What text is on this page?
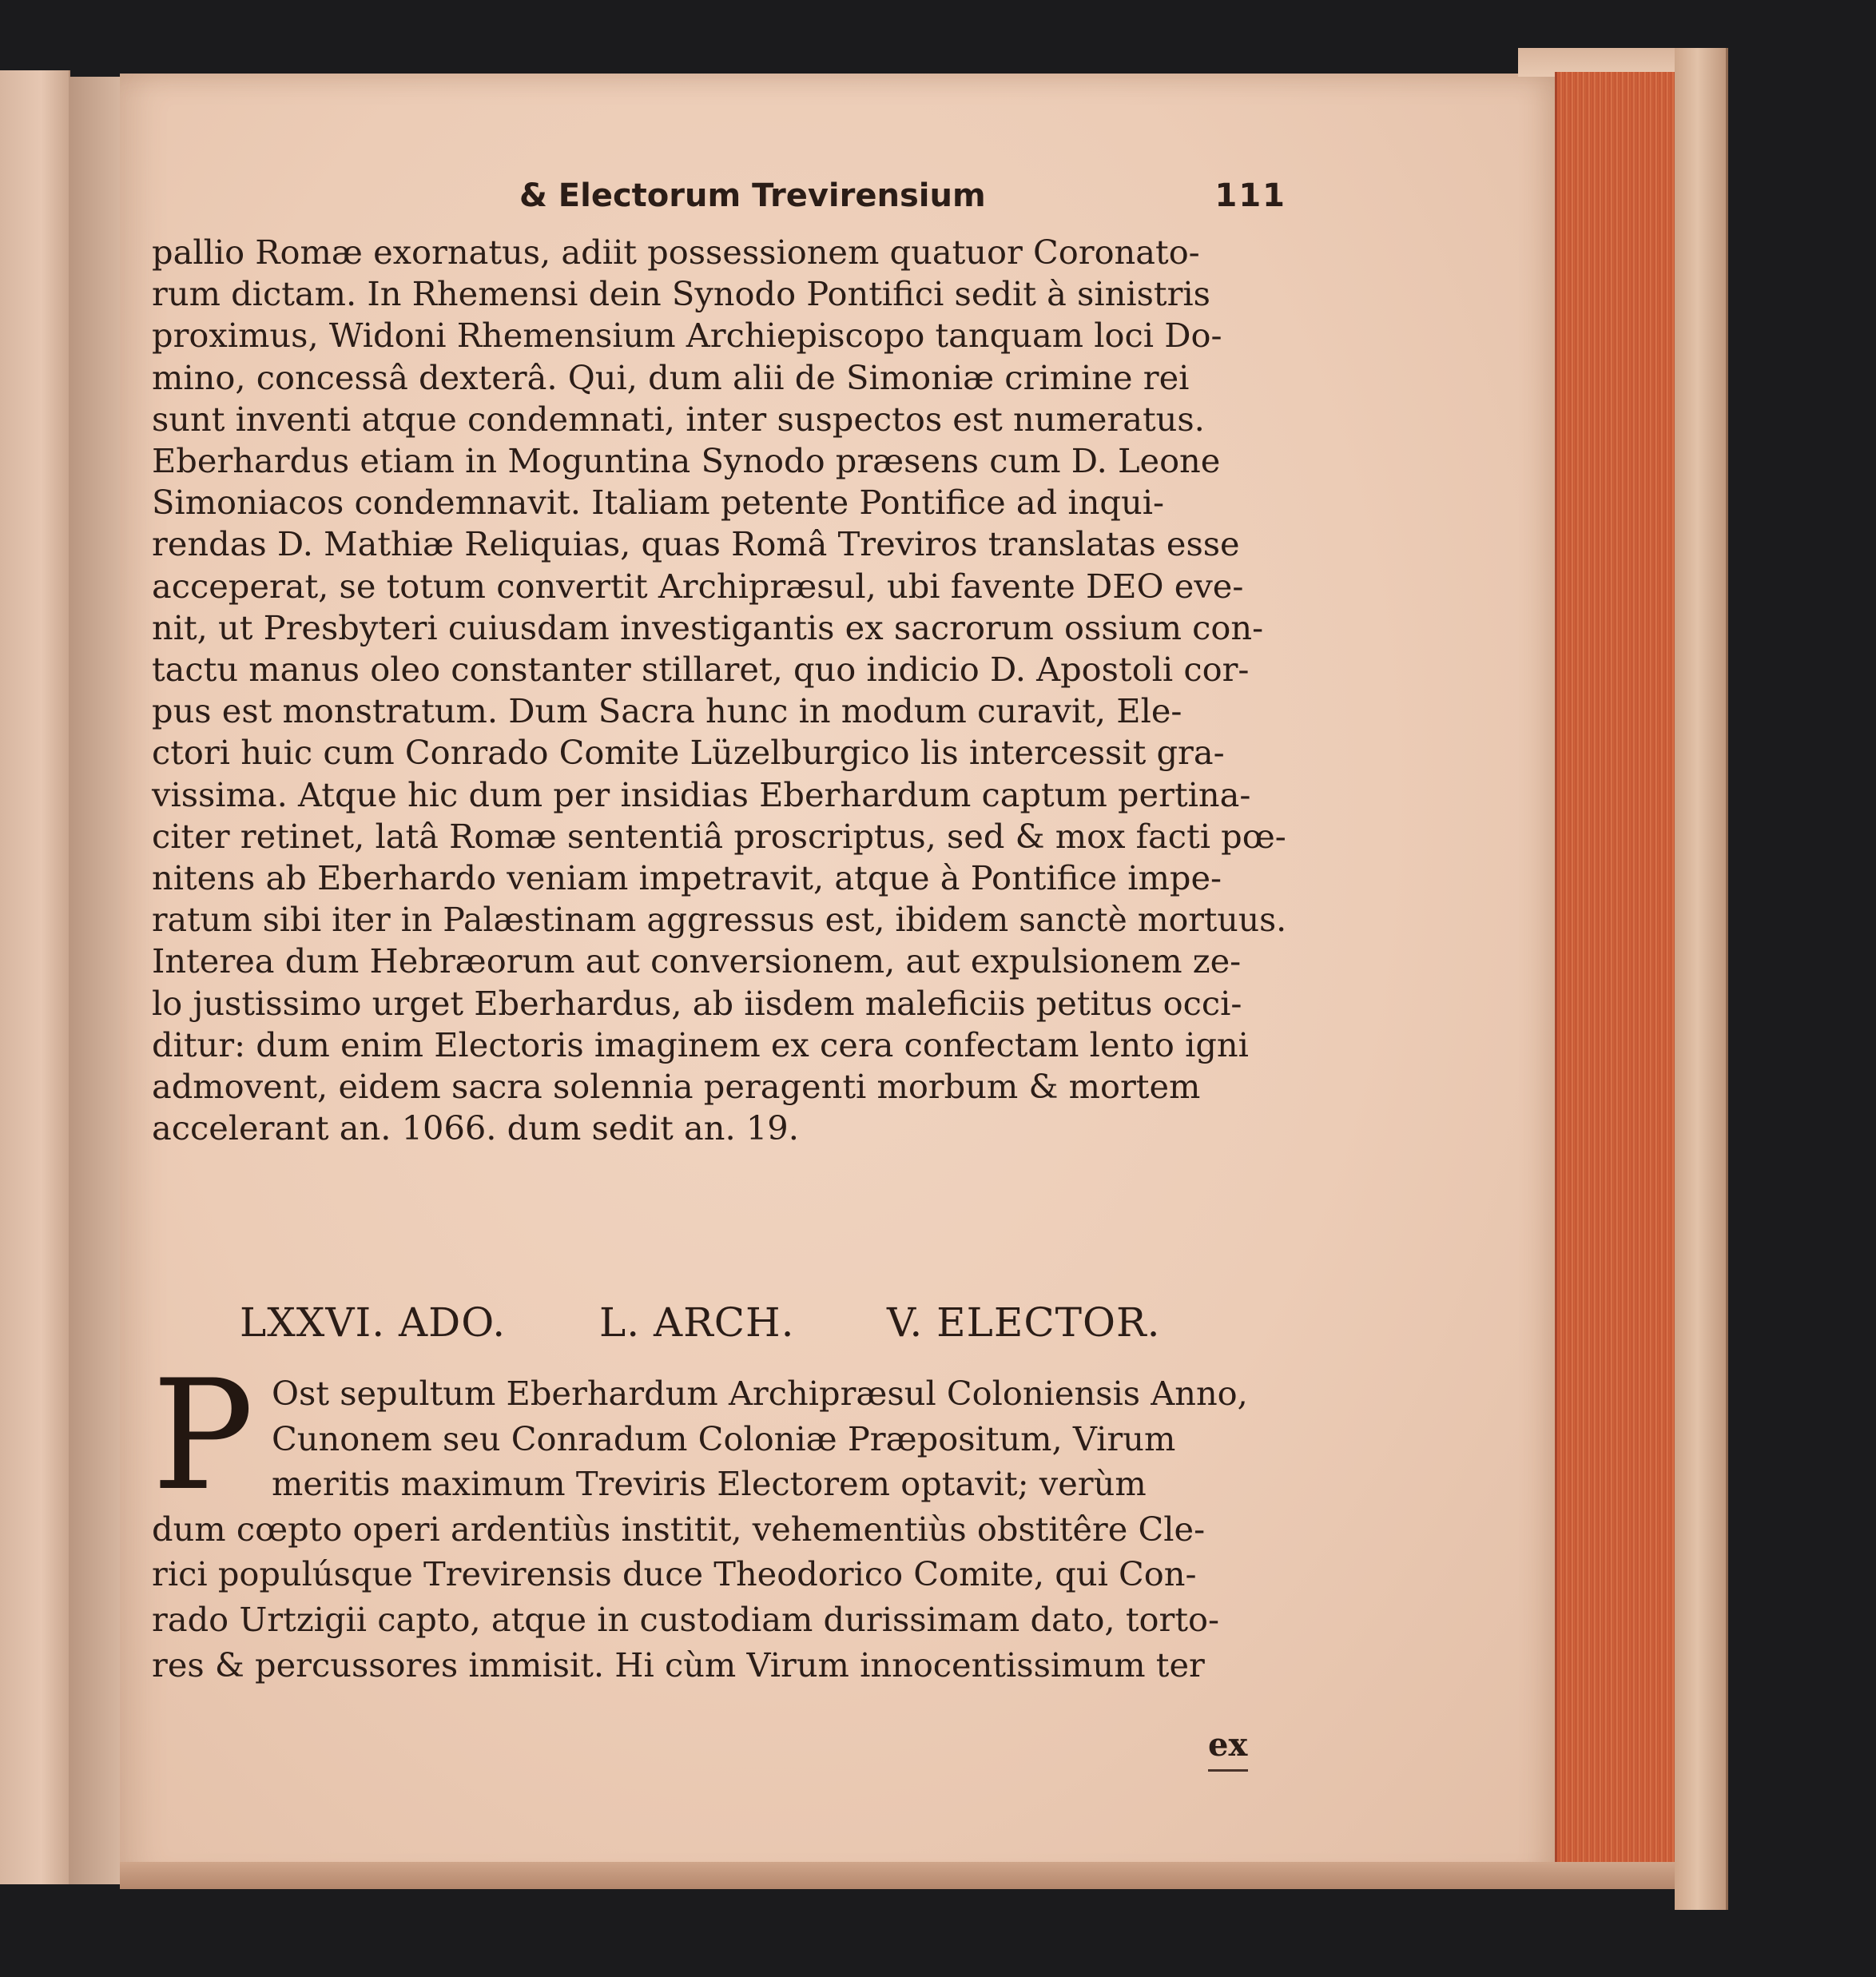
& Electorum Trevirensium	111
pallio Romæ exornatus, adiit possessionem quatuor Coronato-
rum dictam. In Rhemensi dein Synodo Pontifici sedit à sinistris
proximus, Widoni Rhemensium Archiepiscopo tanquam loci Do-
mino, concessâ dexterâ. Qui, dum alii de Simoniæ crimine rei
sunt inventi atque condemnati, inter suspectos est numeratus.
Eberhardus etiam in Moguntina Synodo præsens cum D. Leone
Simoniacos condemnavit. Italiam petente Pontifice ad inqui-
rendas D. Mathiæ Reliquias, quas Româ Treviros translatas esse
acceperat, se totum convertit Archipræsul, ubi favente DEO eve-
nit, ut Presbyteri cuiusdam investigantis ex sacrorum ossium con-
tactu manus oleo constanter stillaret, quo indicio D. Apostoli cor-
pus est monstratum. Dum Sacra hunc in modum curavit, Ele-
ctori huic cum Conrado Comite Lüzelburgico lis intercessit gra-
vissima. Atque hic dum per insidias Eberhardum captum pertina-
citer retinet, latâ Romæ sententiâ proscriptus, sed & mox facti pœ-
nitens ab Eberhardo veniam impetravit, atque à Pontifice impe-
ratum sibi iter in Palæstinam aggressus est, ibidem sanctè mortuus.
Interea dum Hebræorum aut conversionem, aut expulsionem ze-
lo justissimo urget Eberhardus, ab iisdem maleficiis petitus occi-
ditur: dum enim Electoris imaginem ex cera confectam lento igni
admovent, eidem sacra solennia peragenti morbum & mortem
accelerant an. 1066. dum sedit an. 19.
LXXVI. ADO. L. ARCH. V. ELECTOR.
P Ost sepultum Eberhardum Archipræsul Coloniensis Anno,
Cunonem seu Conradum Coloniæ Præpositum, Virum
meritis maximum Treviris Electorem optavit; verùm
dum cœpto operi ardentiùs institit, vehementiùs obstitêre Cle-
rici populúsque Trevirensis duce Theodorico Comite, qui Con-
rado Urtzigii capto, atque in custodiam durissimam dato, torto-
res & percussores immisit. Hi cùm Virum innocentissimum ter
ex
